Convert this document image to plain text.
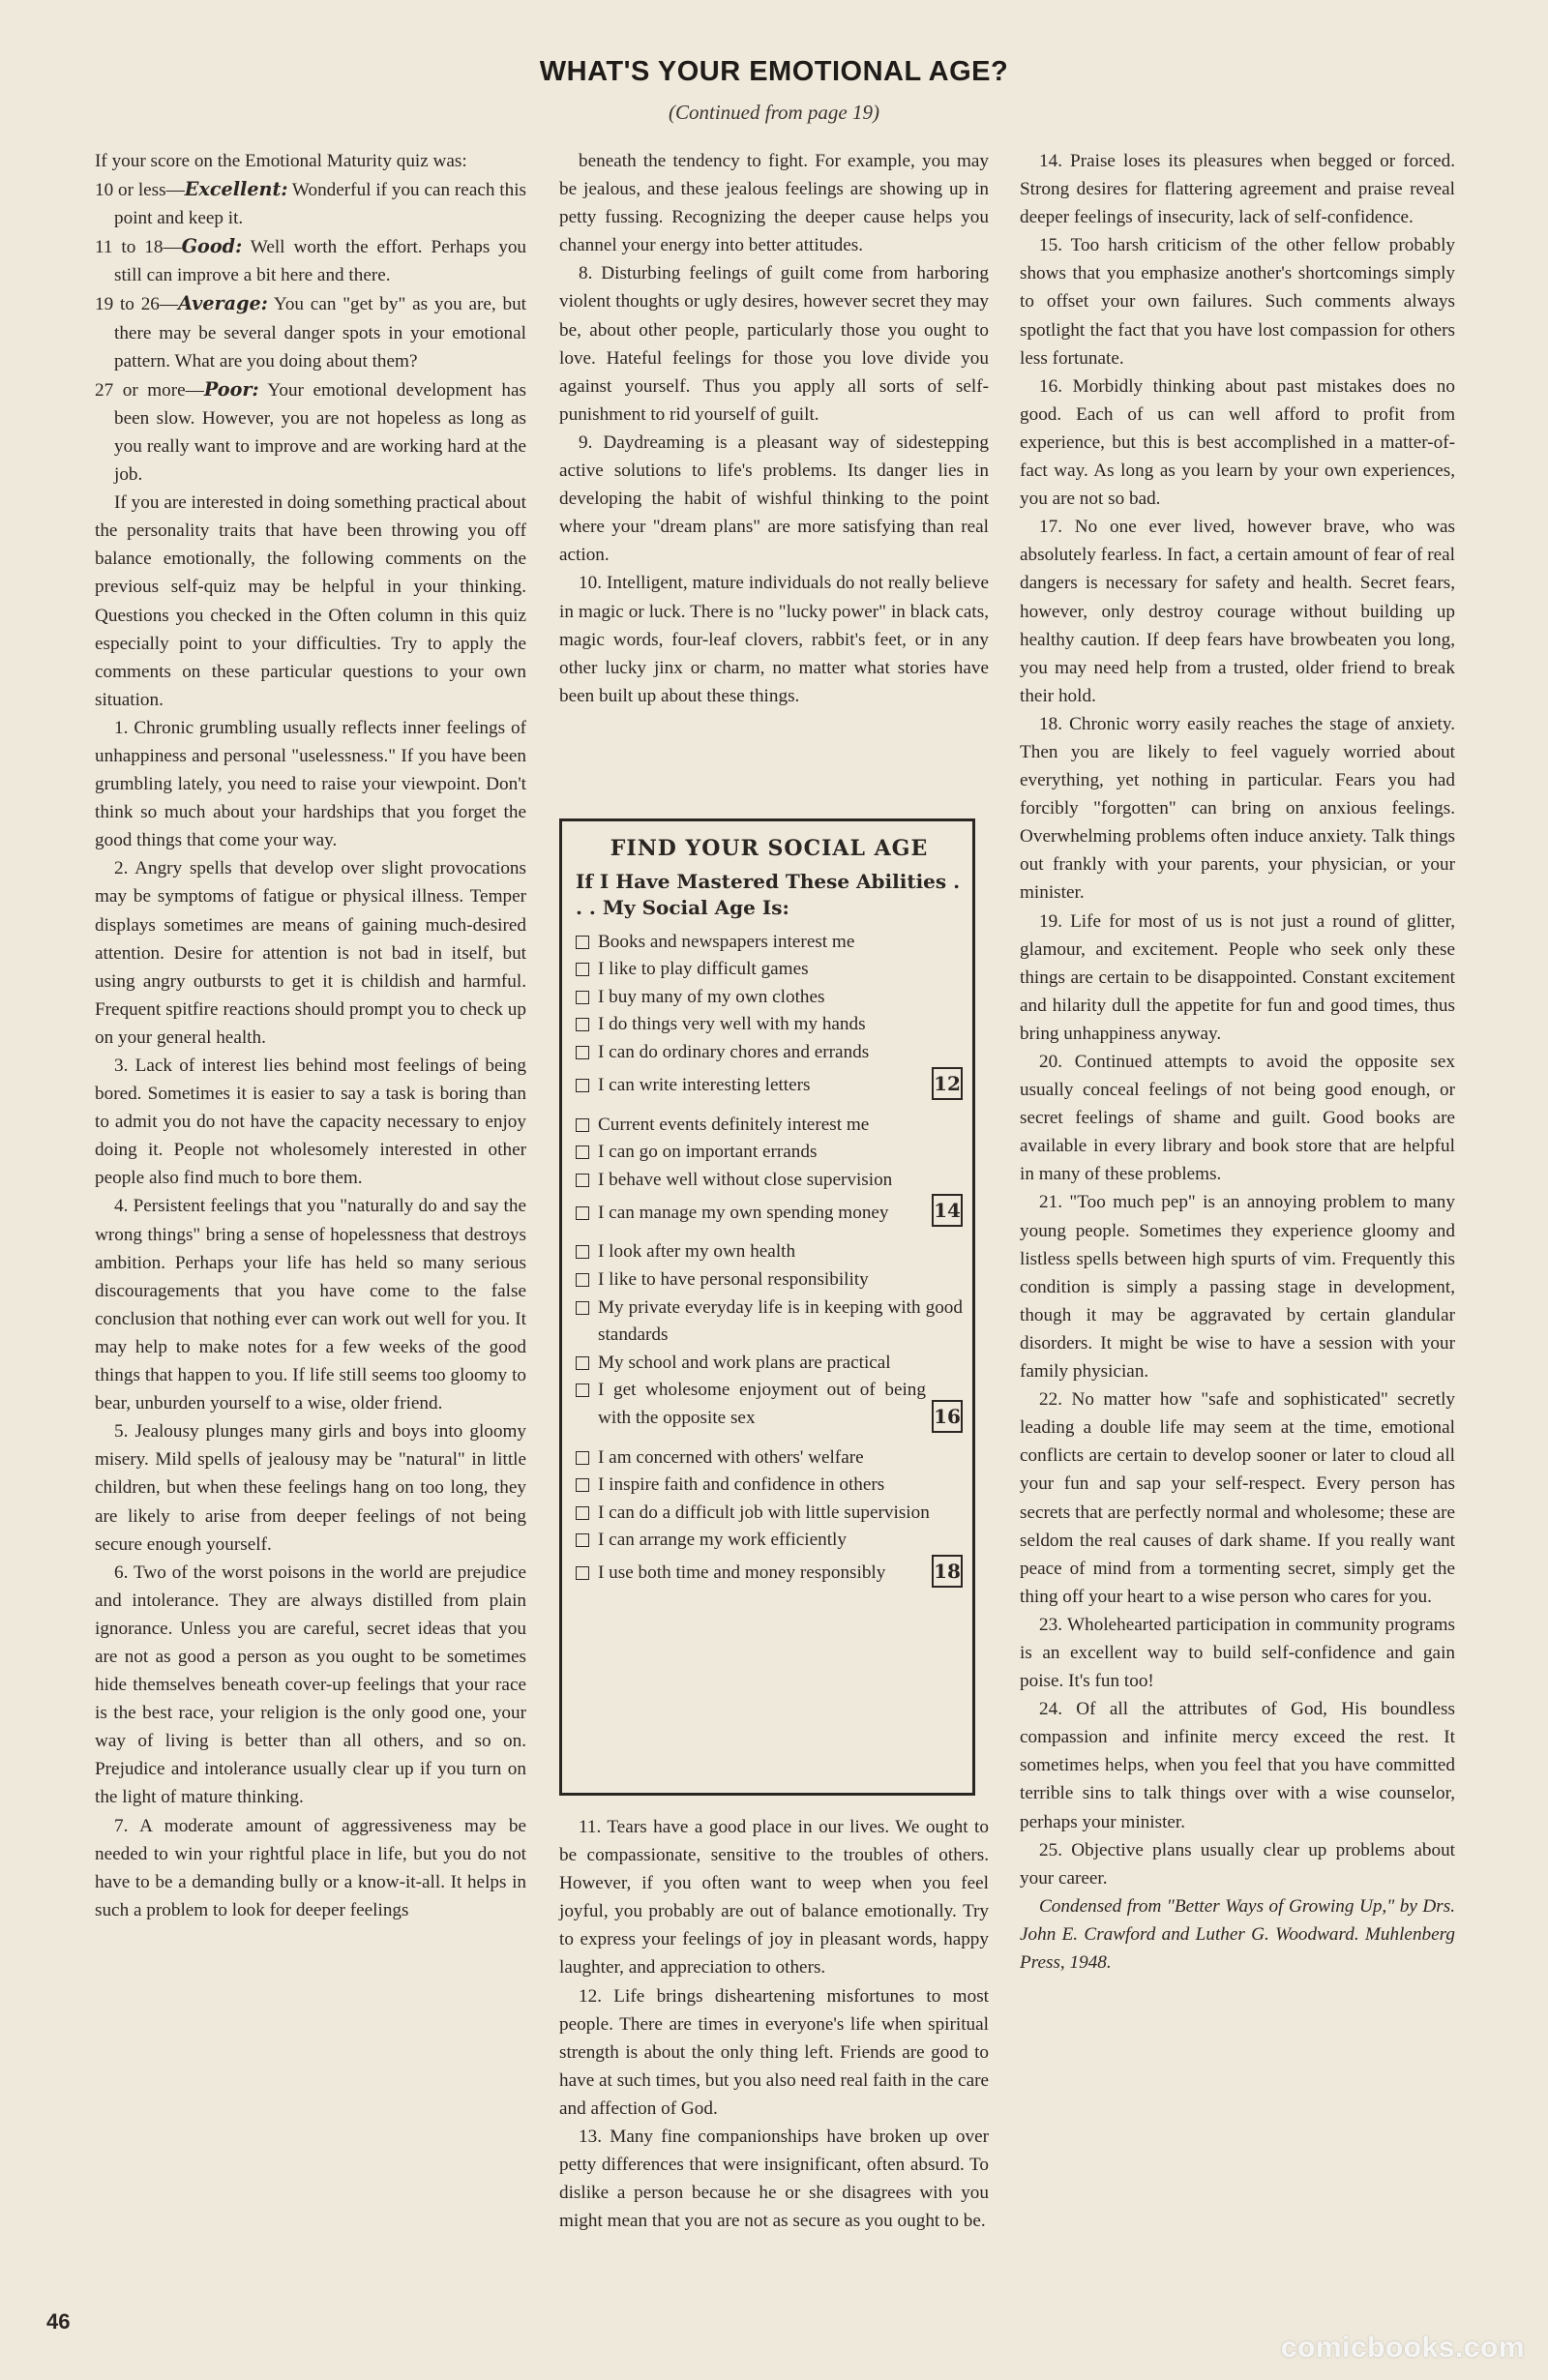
WHAT'S YOUR EMOTIONAL AGE?
(Continued from page 19)

If your score on the Emotional Maturity quiz was:

10 or less—Excellent: Wonderful if you can reach this point and keep it.

11 to 18—Good: Well worth the effort. Perhaps you still can improve a bit here and there.

19 to 26—Average: You can "get by" as you are, but there may be several danger spots in your emotional pattern. What are you doing about them?

27 or more—Poor: Your emotional development has been slow. However, you are not hopeless as long as you really want to improve and are working hard at the job.

If you are interested in doing something practical about the personality traits that have been throwing you off balance emotionally, the following comments on the previous self-quiz may be helpful in your thinking. Questions you checked in the Often column in this quiz especially point to your difficulties. Try to apply the comments on these particular questions to your own situation.

1. Chronic grumbling usually reflects inner feelings of unhappiness and personal "uselessness." If you have been grumbling lately, you need to raise your viewpoint. Don't think so much about your hardships that you forget the good things that come your way.

2. Angry spells that develop over slight provocations may be symptoms of fatigue or physical illness. Temper displays sometimes are means of gaining much-desired attention. Desire for attention is not bad in itself, but using angry outbursts to get it is childish and harmful. Frequent spitfire reactions should prompt you to check up on your general health.

3. Lack of interest lies behind most feelings of being bored. Sometimes it is easier to say a task is boring than to admit you do not have the capacity necessary to enjoy doing it. People not wholesomely interested in other people also find much to bore them.

4. Persistent feelings that you "naturally do and say the wrong things" bring a sense of hopelessness that destroys ambition. Perhaps your life has held so many serious discouragements that you have come to the false conclusion that nothing ever can work out well for you. It may help to make notes for a few weeks of the good things that happen to you. If life still seems too gloomy to bear, unburden yourself to a wise, older friend.

5. Jealousy plunges many girls and boys into gloomy misery. Mild spells of jealousy may be "natural" in little children, but when these feelings hang on too long, they are likely to arise from deeper feelings of not being secure enough yourself.

6. Two of the worst poisons in the world are prejudice and intolerance. They are always distilled from plain ignorance. Unless you are careful, secret ideas that you are not as good a person as you ought to be sometimes hide themselves beneath cover-up feelings that your race is the best race, your religion is the only good one, your way of living is better than all others, and so on. Prejudice and intolerance usually clear up if you turn on the light of mature thinking.

7. A moderate amount of aggressiveness may be needed to win your rightful place in life, but you do not have to be a demanding bully or a know-it-all. It helps in such a problem to look for deeper feelings

beneath the tendency to fight. For example, you may be jealous, and these jealous feelings are showing up in petty fussing. Recognizing the deeper cause helps you channel your energy into better attitudes.

8. Disturbing feelings of guilt come from harboring violent thoughts or ugly desires, however secret they may be, about other people, particularly those you ought to love. Hateful feelings for those you love divide you against yourself. Thus you apply all sorts of self-punishment to rid yourself of guilt.

9. Daydreaming is a pleasant way of sidestepping active solutions to life's problems. Its danger lies in developing the habit of wishful thinking to the point where your "dream plans" are more satisfying than real action.

10. Intelligent, mature individuals do not really believe in magic or luck. There is no "lucky power" in black cats, magic words, four-leaf clovers, rabbit's feet, or in any other lucky jinx or charm, no matter what stories have been built up about these things.

FIND YOUR SOCIAL AGE
If I Have Mastered These Abilities . . . My Social Age Is:
Books and newspapers interest me
I like to play difficult games
I buy many of my own clothes
I do things very well with my hands
I can do ordinary chores and errands
I can write interesting letters	12
Current events definitely interest me
I can go on important errands
I behave well without close supervision
I can manage my own spending money	14
I look after my own health
I like to have personal responsibility
My private everyday life is in keeping with good standards
My school and work plans are practical
I get wholesome enjoyment out of being with the opposite sex	16
I am concerned with others' welfare
I inspire faith and confidence in others
I can do a difficult job with little supervision
I can arrange my work efficiently
I use both time and money responsibly	18

11. Tears have a good place in our lives. We ought to be compassionate, sensitive to the troubles of others. However, if you often want to weep when you feel joyful, you probably are out of balance emotionally. Try to express your feelings of joy in pleasant words, happy laughter, and appreciation to others.

12. Life brings disheartening misfortunes to most people. There are times in everyone's life when spiritual strength is about the only thing left. Friends are good to have at such times, but you also need real faith in the care and affection of God.

13. Many fine companionships have broken up over petty differences that were insignificant, often absurd. To dislike a person because he or she disagrees with you might mean that you are not as secure as you ought to be.

14. Praise loses its pleasures when begged or forced. Strong desires for flattering agreement and praise reveal deeper feelings of insecurity, lack of self-confidence.

15. Too harsh criticism of the other fellow probably shows that you emphasize another's shortcomings simply to offset your own failures. Such comments always spotlight the fact that you have lost compassion for others less fortunate.

16. Morbidly thinking about past mistakes does no good. Each of us can well afford to profit from experience, but this is best accomplished in a matter-of-fact way. As long as you learn by your own experiences, you are not so bad.

17. No one ever lived, however brave, who was absolutely fearless. In fact, a certain amount of fear of real dangers is necessary for safety and health. Secret fears, however, only destroy courage without building up healthy caution. If deep fears have browbeaten you long, you may need help from a trusted, older friend to break their hold.

18. Chronic worry easily reaches the stage of anxiety. Then you are likely to feel vaguely worried about everything, yet nothing in particular. Fears you had forcibly "forgotten" can bring on anxious feelings. Overwhelming problems often induce anxiety. Talk things out frankly with your parents, your physician, or your minister.

19. Life for most of us is not just a round of glitter, glamour, and excitement. People who seek only these things are certain to be disappointed. Constant excitement and hilarity dull the appetite for fun and good times, thus bring unhappiness anyway.

20. Continued attempts to avoid the opposite sex usually conceal feelings of not being good enough, or secret feelings of shame and guilt. Good books are available in every library and book store that are helpful in many of these problems.

21. "Too much pep" is an annoying problem to many young people. Sometimes they experience gloomy and listless spells between high spurts of vim. Frequently this condition is simply a passing stage in development, though it may be aggravated by certain glandular disorders. It might be wise to have a session with your family physician.

22. No matter how "safe and sophisticated" secretly leading a double life may seem at the time, emotional conflicts are certain to develop sooner or later to cloud all your fun and sap your self-respect. Every person has secrets that are perfectly normal and wholesome; these are seldom the real causes of dark shame. If you really want peace of mind from a tormenting secret, simply get the thing off your heart to a wise person who cares for you.

23. Wholehearted participation in community programs is an excellent way to build self-confidence and gain poise. It's fun too!

24. Of all the attributes of God, His boundless compassion and infinite mercy exceed the rest. It sometimes helps, when you feel that you have committed terrible sins to talk things over with a wise counselor, perhaps your minister.

25. Objective plans usually clear up problems about your career.

Condensed from "Better Ways of Growing Up," by Drs. John E. Crawford and Luther G. Woodward. Muhlenberg Press, 1948.

46
comicbooks.com
